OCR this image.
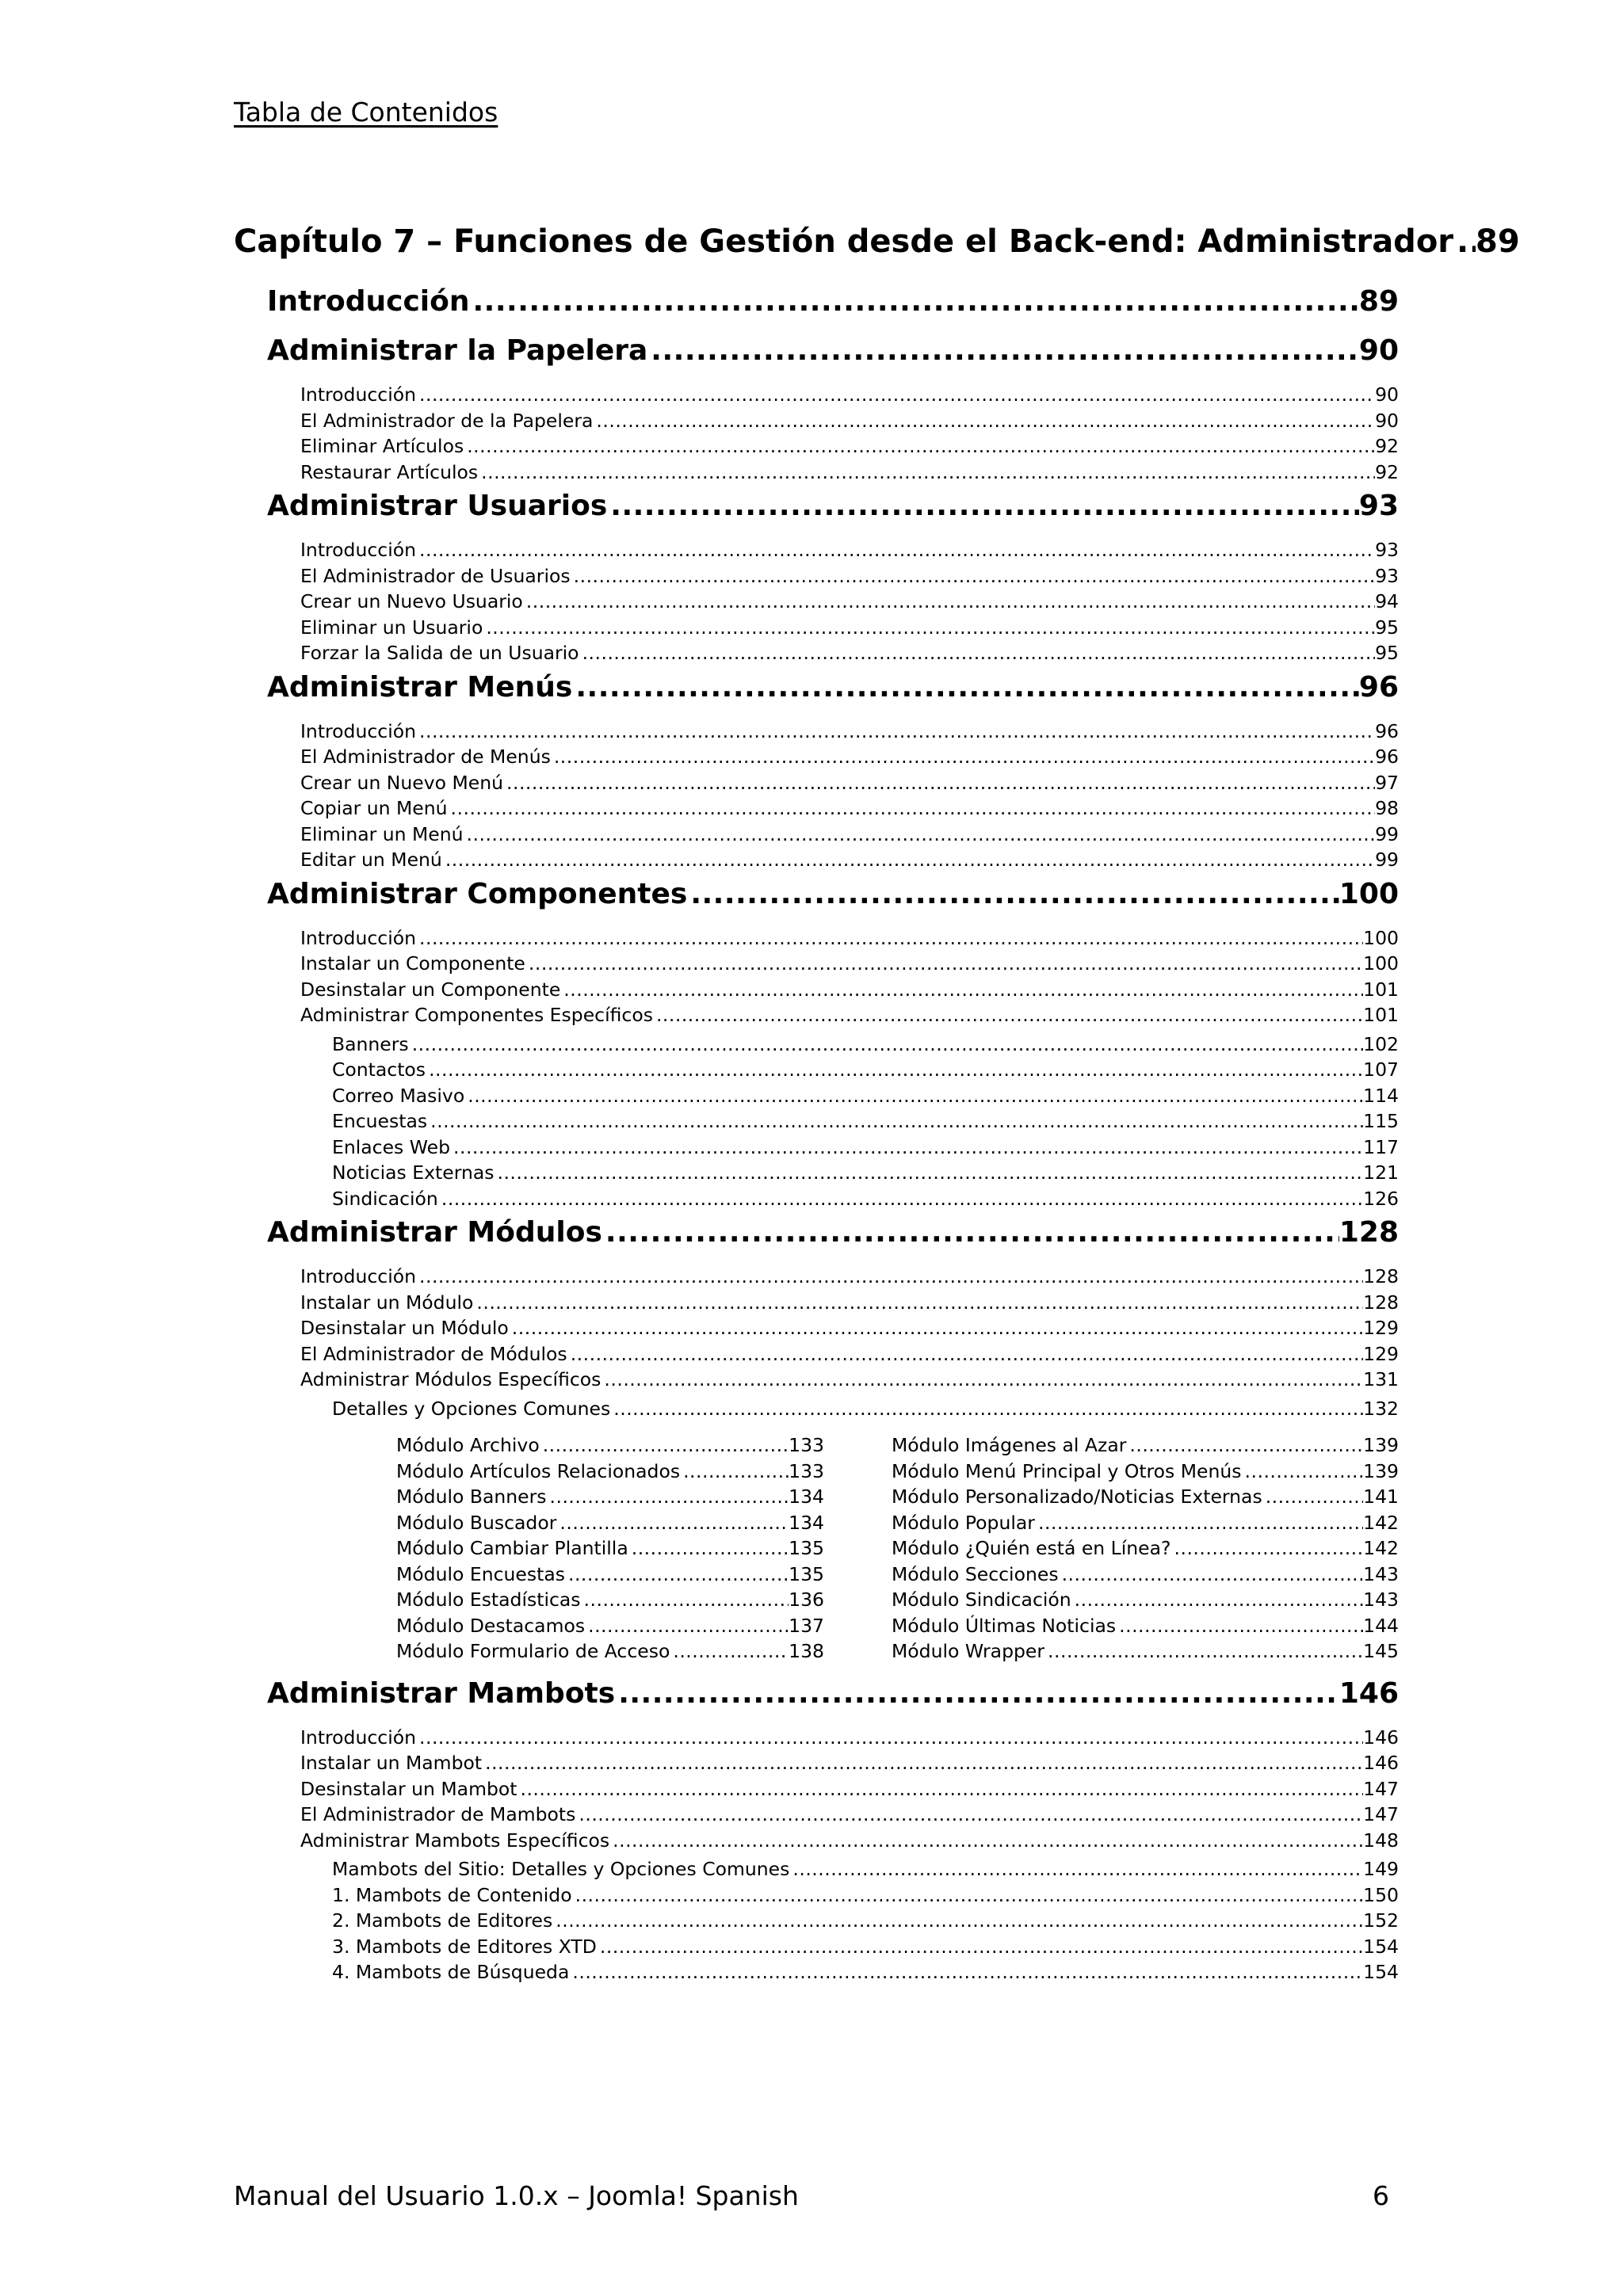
Tabla de Contenidos
Capítulo 7 – Funciones de Gestión desde el Back-end: Administrador ..... 89
Introducción .....	89
Administrar la Papelera .....	90
Introducción .....	90
El Administrador de la Papelera .....	90
Eliminar Artículos .....	92
Restaurar Artículos .....	92
Administrar Usuarios .....	93
Introducción .....	93
El Administrador de Usuarios .....	93
Crear un Nuevo Usuario .....	94
Eliminar un Usuario .....	95
Forzar la Salida de un Usuario .....	95
Administrar Menús .....	96
Introducción .....	96
El Administrador de Menús .....	96
Crear un Nuevo Menú .....	97
Copiar un Menú .....	98
Eliminar un Menú .....	99
Editar un Menú .....	99
Administrar Componentes .....	100
Introducción .....	100
Instalar un Componente .....	100
Desinstalar un Componente .....	101
Administrar Componentes Específicos .....	101
Banners .....	102
Contactos .....	107
Correo Masivo .....	114
Encuestas .....	115
Enlaces Web .....	117
Noticias Externas .....	121
Sindicación .....	126
Administrar Módulos .....	128
Introducción .....	128
Instalar un Módulo .....	128
Desinstalar un Módulo .....	129
El Administrador de Módulos .....	129
Administrar Módulos Específicos .....	131
Detalles y Opciones Comunes .....	132
Módulo Archivo .....	133
Módulo Artículos Relacionados .....	133
Módulo Banners .....	134
Módulo Buscador .....	134
Módulo Cambiar Plantilla .....	135
Módulo Encuestas .....	135
Módulo Estadísticas .....	136
Módulo Destacamos .....	137
Módulo Formulario de Acceso .....	138
Módulo Imágenes al Azar .....	139
Módulo Menú Principal y Otros Menús .....	139
Módulo Personalizado/Noticias Externas .....	141
Módulo Popular .....	142
Módulo ¿Quién está en Línea? .....	142
Módulo Secciones .....	143
Módulo Sindicación .....	143
Módulo Últimas Noticias .....	144
Módulo Wrapper .....	145
Administrar Mambots .....	146
Introducción .....	146
Instalar un Mambot .....	146
Desinstalar un Mambot .....	147
El Administrador de Mambots .....	147
Administrar Mambots Específicos .....	148
Mambots del Sitio: Detalles y Opciones Comunes .....	149
1. Mambots de Contenido .....	150
2. Mambots de Editores .....	152
3. Mambots de Editores XTD .....	154
4. Mambots de Búsqueda .....	154
Manual del Usuario 1.0.x – Joomla! Spanish	6
